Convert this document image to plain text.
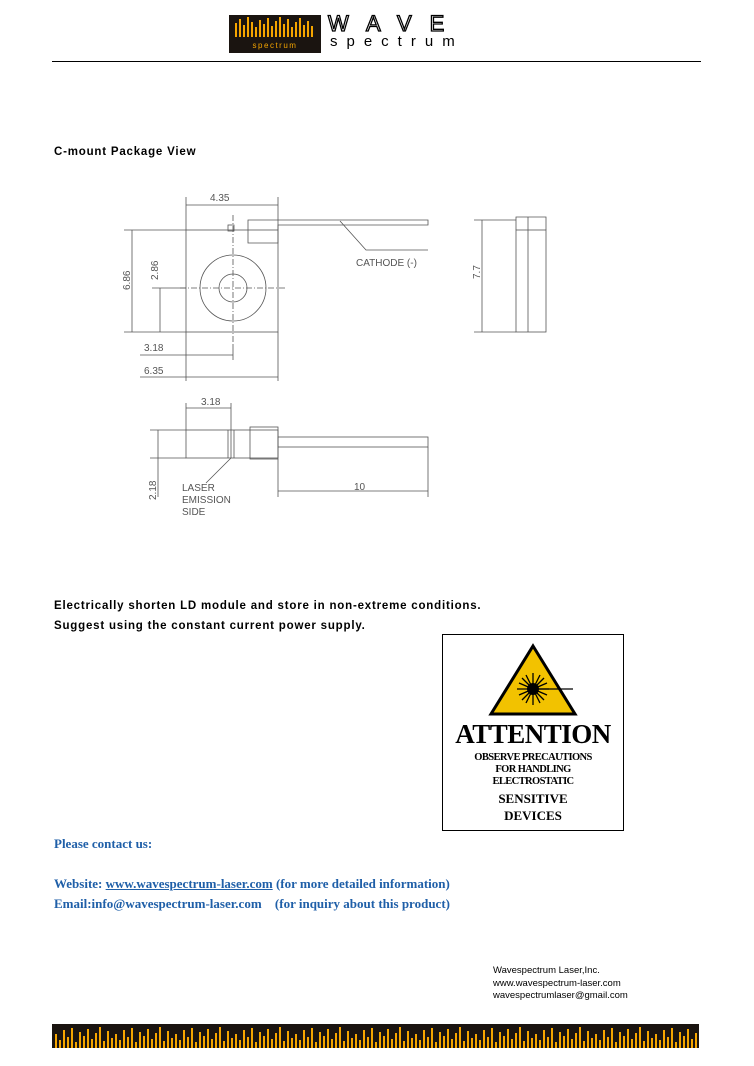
spectrum
WAVE
spectrum
C-mount Package View
4.35
6.86
2.86
3.18
6.35
CATHODE (-)
7.7
3.18
2.18	10
LASER
EMISSION
SIDE
Electrically shorten LD module and store in non-extreme conditions.
Suggest using the constant current power supply.
ATTENTION
OBSERVE PRECAUTIONS
FOR HANDLING
ELECTROSTATIC
SENSITIVE
DEVICES
Please contact us:
Website: www.wavespectrum-laser.com (for more detailed information)
Email:info@wavespectrum-laser.com (for inquiry about this product)
Wavespectrum Laser,Inc.
www.wavespectrum-laser.com
wavespectrumlaser@gmail.com
